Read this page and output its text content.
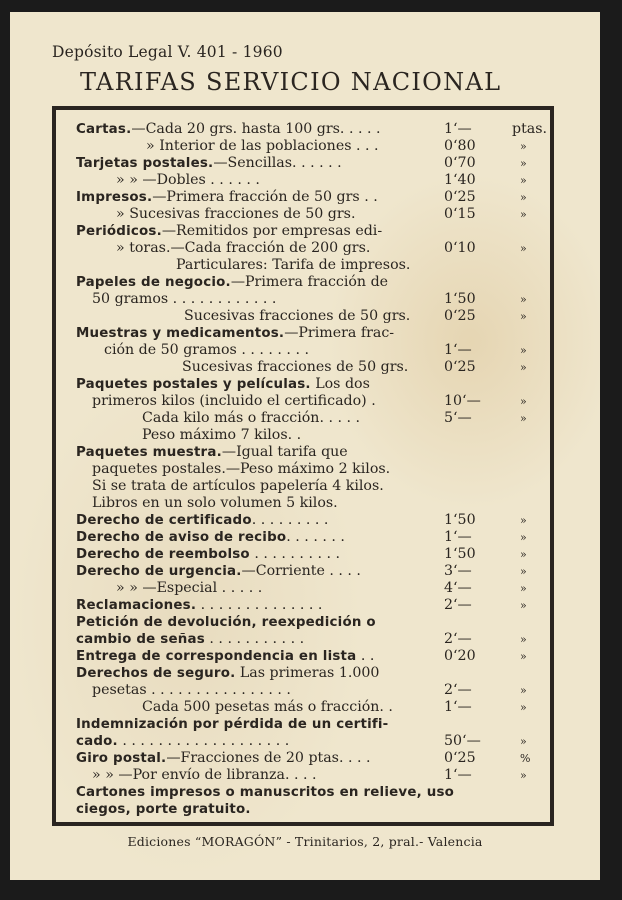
Depósito Legal V. 401 - 1960
TARIFAS SERVICIO NACIONAL
Cartas.—Cada 20 grs. hasta 100 grs. . . . .	1‘—	ptas.
» Interior de las poblaciones . . .	0‘80	»
Tarjetas postales.—Sencillas. . . . . .	0‘70	»
» » —Dobles . . . . . .	1‘40	»
Impresos.—Primera fracción de 50 grs . .	0‘25	»
» Sucesivas fracciones de 50 grs.	0‘15	»
Periódicos.—Remitidos por empresas edi-
» toras.—Cada fracción de 200 grs.	0‘10	»
Particulares: Tarifa de impresos.
Papeles de negocio.—Primera fracción de
50 gramos . . . . . . . . . . . .	1‘50	»
Sucesivas fracciones de 50 grs. 0‘25	»
Muestras y medicamentos.—Primera frac-
ción de 50 gramos . . . . . . . .	1‘—	»
Sucesivas fracciones de 50 grs.	0‘25	»
Paquetes postales y películas. Los dos
primeros kilos (incluido el certificado) .	10‘—	»
Cada kilo más o fracción. . . . .	5‘—	»
Peso máximo 7 kilos. .
Paquetes muestra.—Igual tarifa que
paquetes postales.—Peso máximo 2 kilos.
Si se trata de artículos papelería 4 kilos.
Libros en un solo volumen 5 kilos.
Derecho de certificado. . . . . . . . .	1‘50	»
Derecho de aviso de recibo. . . . . . .	1‘—	»
Derecho de reembolso . . . . . . . . . .	1‘50	»
Derecho de urgencia.—Corriente . . . .	3‘—	»
» » —Especial . . . . .	4‘—	»
Reclamaciones. . . . . . . . . . . . . . .	2‘—	»
Petición de devolución, reexpedición o
cambio de señas . . . . . . . . . . .	2‘—	»
Entrega de correspondencia en lista . .	0‘20	»
Derechos de seguro. Las primeras 1.000
pesetas . . . . . . . . . . . . . . . .	2‘—	»
Cada 500 pesetas más o fracción. .	1‘—	»
Indemnización por pérdida de un certifi-
cado. . . . . . . . . . . . . . . . . . . .	50‘—	»
Giro postal.—Fracciones de 20 ptas. . . .	0‘25	%
» » —Por envío de libranza. . . .	1‘—	»
Cartones impresos o manuscritos en relieve, uso
ciegos, porte gratuito.
Ediciones “MORAGÓN” - Trinitarios, 2, pral.- Valencia
